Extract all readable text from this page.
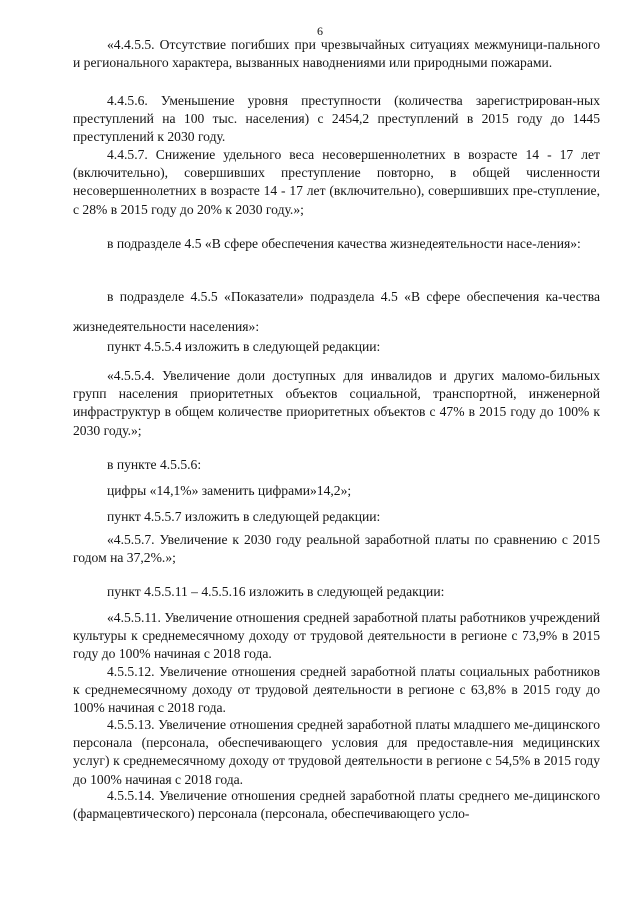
6
«4.4.5.5. Отсутствие погибших при чрезвычайных ситуациях межмуници-пального и регионального характера, вызванных наводнениями или природными пожарами.
4.4.5.6. Уменьшение уровня преступности (количества зарегистрирован-ных преступлений на 100 тыс. населения) с 2454,2 преступлений в 2015 году до 1445 преступлений к 2030 году.
4.4.5.7. Снижение удельного веса несовершеннолетних в возрасте 14 - 17 лет (включительно), совершивших преступление повторно, в общей численности несовершеннолетних в возрасте 14 - 17 лет (включительно), совершивших пре-ступление, с 28% в 2015 году до 20% к 2030 году.»;
в подразделе 4.5 «В сфере обеспечения качества жизнедеятельности насе-ления»:
в подразделе 4.5.5 «Показатели» подраздела 4.5 «В сфере обеспечения ка-чества жизнедеятельности населения»:
пункт 4.5.5.4 изложить в следующей редакции:
«4.5.5.4. Увеличение доли доступных для инвалидов и других маломо-бильных групп населения приоритетных объектов социальной, транспортной, инженерной инфраструктур в общем количестве приоритетных объектов с 47% в 2015 году до 100% к 2030 году.»;
в пункте 4.5.5.6:
цифры «14,1%» заменить цифрами»14,2»;
пункт 4.5.5.7 изложить в следующей редакции:
«4.5.5.7. Увеличение к 2030 году реальной заработной платы по сравнению с 2015 годом на 37,2%.»;
пункт 4.5.5.11 – 4.5.5.16 изложить в следующей редакции:
«4.5.5.11. Увеличение отношения средней заработной платы работников учреждений культуры к среднемесячному доходу от трудовой деятельности в регионе с 73,9% в 2015 году до 100% начиная с 2018 года.
4.5.5.12. Увеличение отношения средней заработной платы социальных работников к среднемесячному доходу от трудовой деятельности в регионе с 63,8% в 2015 году до 100% начиная с 2018 года.
4.5.5.13. Увеличение отношения средней заработной платы младшего ме-дицинского персонала (персонала, обеспечивающего условия для предоставле-ния медицинских услуг) к среднемесячному доходу от трудовой деятельности в регионе с 54,5% в 2015 году до 100% начиная с 2018 года.
4.5.5.14. Увеличение отношения средней заработной платы среднего ме-дицинского (фармацевтического) персонала (персонала, обеспечивающего усло-
